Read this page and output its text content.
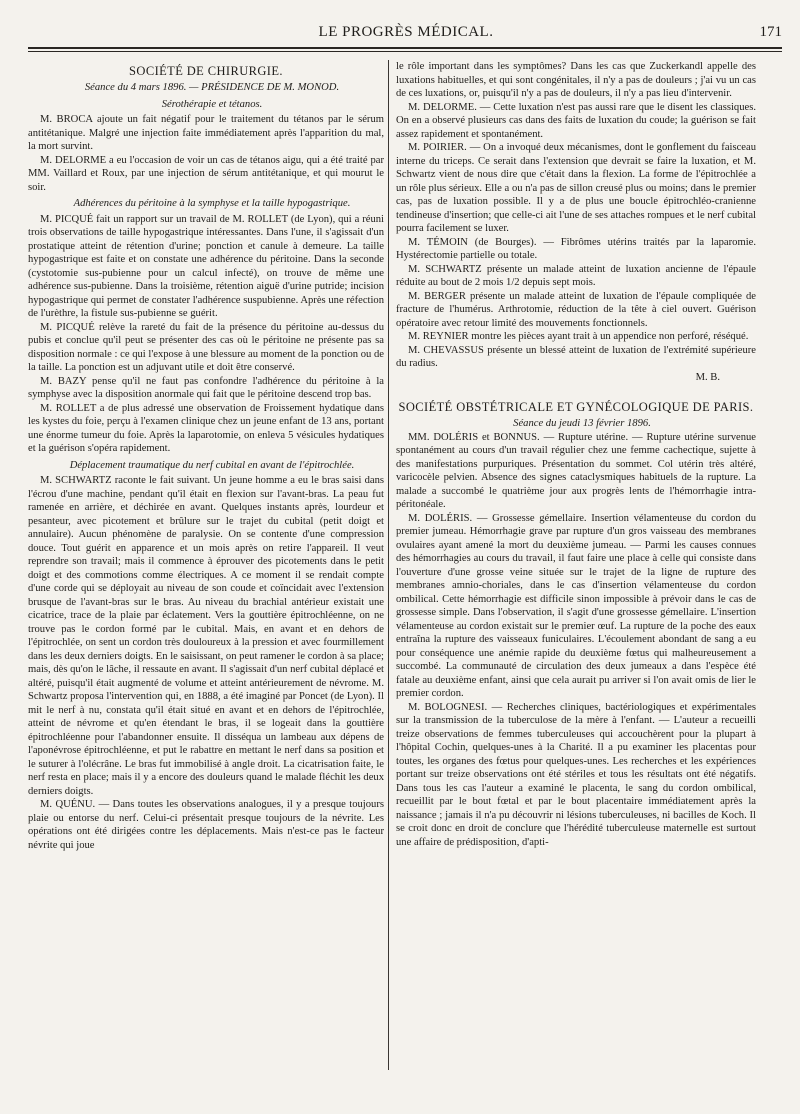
LE PROGRÈS MÉDICAL.	171
SOCIÉTÉ DE CHIRURGIE.

Séance du 4 mars 1896. — PRÉSIDENCE DE M. MONOD.

Sérothérapie et tétanos.

M. BROCA ajoute un fait négatif pour le traitement du tétanos par le sérum antitétanique. Malgré une injection faite immédiatement après l'apparition du mal, la mort survint.

M. DELORME a eu l'occasion de voir un cas de tétanos aigu, qui a été traité par MM. Vaillard et Roux, par une injection de sérum antitétanique, et qui mourut le soir.

Adhérences du péritoine à la symphyse et la taille hypogastrique.

M. PICQUÉ fait un rapport sur un travail de M. ROLLET (de Lyon), qui a réuni trois observations de taille hypogastrique intéressantes. Dans l'une, il s'agissait d'un prostatique atteint de rétention d'urine; ponction et canule à demeure. La taille hypogastrique est faite et on constate une adhérence du péritoine. Dans la seconde (cystotomie sus-pubienne pour un calcul infecté), on trouve de même une adhérence sus-pubienne. Dans la troisième, rétention aiguë d'urine putride; incision hypogastrique qui permet de constater l'adhérence suspubienne. Après une réfection de l'urèthre, la fistule sus-pubienne se guérit.

M. PICQUÉ relève la rareté du fait de la présence du péritoine au-dessus du pubis et conclue qu'il peut se présenter des cas où le péritoine ne présente pas sa disposition normale : ce qui l'expose à une blessure au moment de la ponction ou de la taille. La ponction est un adjuvant utile et doit être conservé.

M. BAZY pense qu'il ne faut pas confondre l'adhérence du péritoine à la symphyse avec la disposition anormale qui fait que le péritoine descend trop bas.

M. ROLLET a de plus adressé une observation de Froissement hydatique dans les kystes du foie, perçu à l'examen clinique chez un jeune enfant de 13 ans, portant une énorme tumeur du foie. Après la laparotomie, on enleva 5 vésicules hydatiques et la guérison s'opéra rapidement.

Déplacement traumatique du nerf cubital en avant de l'épitrochlée.

M. SCHWARTZ raconte le fait suivant. Un jeune homme a eu le bras saisi dans l'écrou d'une machine, pendant qu'il était en flexion sur l'avant-bras. La peau fut ramenée en arrière, et déchirée en avant. Quelques instants après, lourdeur et pesanteur, avec picotement et brûlure sur le trajet du cubital (petit doigt et annulaire). Aucun phénomène de paralysie. On se contente d'une compression douce. Tout guérit en apparence et un mois après on retire l'appareil. Il veut reprendre son travail; mais il commence à éprouver des picotements dans le petit doigt et des commotions comme électriques. A ce moment il se rendait compte d'une corde qui se déployait au niveau de son coude et coïncidait avec l'extension brusque de l'avant-bras sur le bras. Au niveau du brachial antérieur existait une cicatrice, trace de la plaie par éclatement. Vers la gouttière épitrochléenne, on ne trouve pas le cordon formé par le cubital. Mais, en avant et en dehors de l'épitrochlée, on sent un cordon très douloureux à la pression et avec fourmillement dans les deux derniers doigts. En le saisissant, on peut ramener le cordon à sa place; mais, dès qu'on le lâche, il ressaute en avant. Il s'agissait d'un nerf cubital déplacé et altéré, puisqu'il était augmenté de volume et atteint antérieurement de névrome. M. Schwartz proposa l'intervention qui, en 1888, a été imaginé par Poncet (de Lyon). Il mit le nerf à nu, constata qu'il était situé en avant et en dehors de l'épitrochlée, atteint de névrome et qu'en étendant le bras, il se logeait dans la gouttière épitrochléenne pour l'abandonner ensuite. Il disséqua un lambeau aux dépens de l'aponévrose épitrochléenne, et put le rabattre en mettant le nerf dans sa position et le suturer à l'olécrâne. Le bras fut immobilisé à angle droit. La cicatrisation faite, le nerf resta en place; mais il y a encore des douleurs quand le malade fléchit les deux derniers doigts.

M. QUÉNU. — Dans toutes les observations analogues, il y a presque toujours plaie ou entorse du nerf. Celui-ci présentait presque toujours de la névrite. Les opérations ont été dirigées contre les déplacements. Mais n'est-ce pas le facteur névrite qui joue

le rôle important dans les symptômes? Dans les cas que Zuckerkandl appelle des luxations habituelles, et qui sont congénitales, il n'y a pas de douleurs ; j'ai vu un cas de ces luxations, or, puisqu'il n'y a pas de douleurs, il n'y a pas lieu d'intervenir.

M. DELORME. — Cette luxation n'est pas aussi rare que le disent les classiques. On en a observé plusieurs cas dans des faits de luxation du coude; la guérison se fait assez rapidement et spontanément.

M. POIRIER. — On a invoqué deux mécanismes, dont le gonflement du faisceau interne du triceps. Ce serait dans l'extension que devrait se faire la luxation, et M. Schwartz vient de nous dire que c'était dans la flexion. La forme de l'épitrochlée a un rôle plus sérieux. Elle a ou n'a pas de sillon creusé plus ou moins; dans le premier cas, pas de luxation possible. Il y a de plus une boucle épitrochléo-cranienne tendineuse d'insertion; que celle-ci ait l'une de ses attaches rompues et le nerf cubital pourra facilement se luxer.

M. TÉMOIN (de Bourges). — Fibrômes utérins traités par la laparomie. Hystérectomie partielle ou totale.

M. SCHWARTZ présente un malade atteint de luxation ancienne de l'épaule réduite au bout de 2 mois 1/2 depuis sept mois.

M. BERGER présente un malade atteint de luxation de l'épaule compliquée de fracture de l'humérus. Arthrotomie, réduction de la tête à ciel ouvert. Guérison opératoire avec retour limité des mouvements fonctionnels.

M. REYNIER montre les pièces ayant trait à un appendice non perforé, réséqué.

M. CHEVASSUS présente un blessé atteint de luxation de l'extrémité supérieure du radius.

M. B.

SOCIÉTÉ OBSTÉTRICALE ET GYNÉCOLOGIQUE DE PARIS.

Séance du jeudi 13 février 1896.

MM. DOLÉRIS et BONNUS. — Rupture utérine. — Rupture utérine survenue spontanément au cours d'un travail régulier chez une femme cachectique, sujette à des manifestations purpuriques. Présentation du sommet. Col utérin très altéré, varicocèle pelvien. Absence des signes cataclysmiques habituels de la rupture. La malade a succombé le quatrième jour aux progrès lents de l'hémorrhagie intra-péritonéale.

M. DOLÉRIS. — Grossesse gémellaire. Insertion vélamenteuse du cordon du premier jumeau. Hémorrhagie grave par rupture d'un gros vaisseau des membranes ovulaires ayant amené la mort du deuxième jumeau. — Parmi les causes connues des hémorrhagies au cours du travail, il faut faire une place à celle qui consiste dans l'ouverture d'une grosse veine située sur le trajet de la ligne de rupture des membranes amnio-choriales, dans le cas d'insertion vélamenteuse du cordon ombilical. Cette hémorrhagie est difficile sinon impossible à prévoir dans le cas de grossesse simple. Dans l'observation, il s'agit d'une grossesse gémellaire. L'insertion vélamenteuse au cordon existait sur le premier œuf. La rupture de la poche des eaux entraîna la rupture des vaisseaux funiculaires. L'écoulement abondant de sang a eu pour conséquence une anémie rapide du deuxième fœtus qui malheureusement a succombé. La communauté de circulation des deux jumeaux a dans l'espèce été fatale au deuxième enfant, ainsi que cela aurait pu arriver si l'on avait omis de lier le premier cordon.

M. BOLOGNESI. — Recherches cliniques, bactériologiques et expérimentales sur la transmission de la tuberculose de la mère à l'enfant. — L'auteur a recueilli treize observations de femmes tuberculeuses qui accouchèrent pour la plupart à l'hôpital Cochin, quelques-unes à la Charité. Il a pu examiner les placentas pour toutes, les organes des fœtus pour quelques-unes. Les recherches et les expériences portant sur treize observations ont été stériles et tous les résultats ont été négatifs. Dans tous les cas l'auteur a examiné le placenta, le sang du cordon ombilical, recueillit par le bout fœtal et par le bout placentaire immédiatement après la naissance ; jamais il n'a pu découvrir ni lésions tuberculeuses, ni bacilles de Koch. Il se croit donc en droit de conclure que l'hérédité tuberculeuse maternelle est surtout une affaire de prédisposition, d'apti-
